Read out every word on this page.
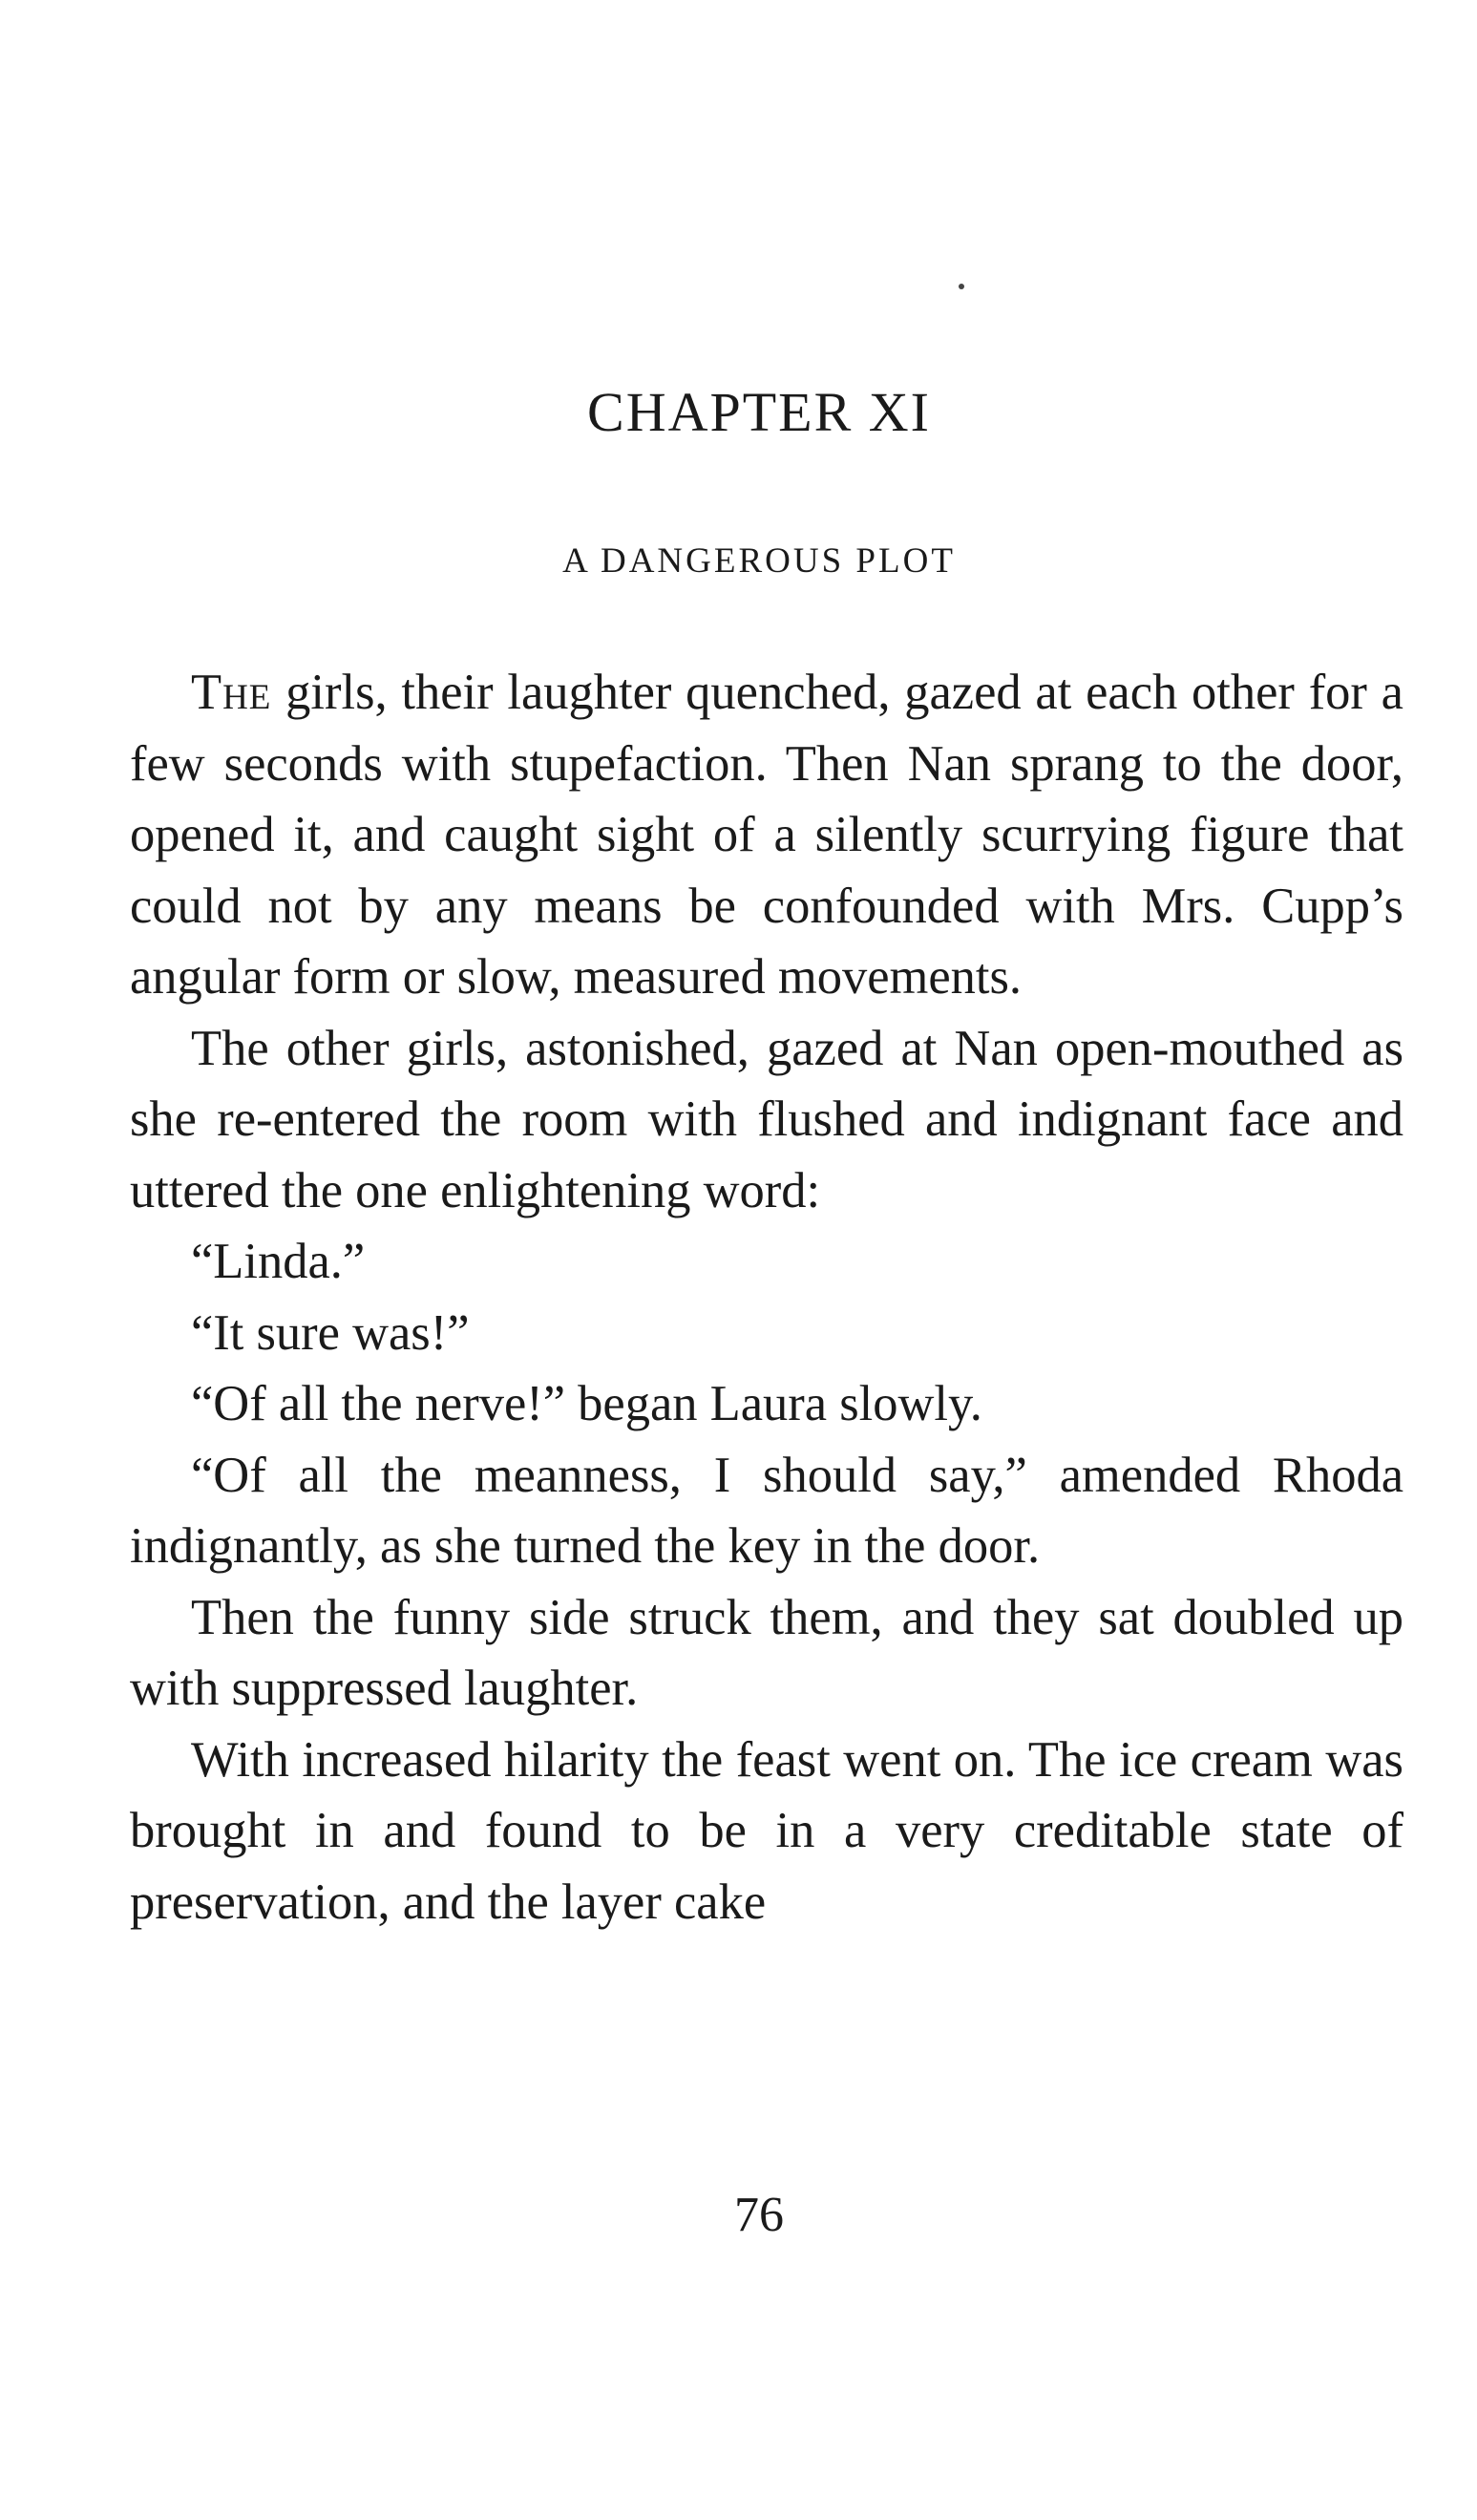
CHAPTER XI
A DANGEROUS PLOT

The girls, their laughter quenched, gazed at each other for a few seconds with stupefaction. Then Nan sprang to the door, opened it, and caught sight of a silently scurrying figure that could not by any means be confounded with Mrs. Cupp’s angular form or slow, measured movements.

The other girls, astonished, gazed at Nan open-mouthed as she re-entered the room with flushed and indignant face and uttered the one enlightening word:

“Linda.”

“It sure was!”

“Of all the nerve!” began Laura slowly.

“Of all the meanness, I should say,” amended Rhoda indignantly, as she turned the key in the door.

Then the funny side struck them, and they sat doubled up with suppressed laughter.

With increased hilarity the feast went on. The ice cream was brought in and found to be in a very creditable state of preservation, and the layer cake

76
